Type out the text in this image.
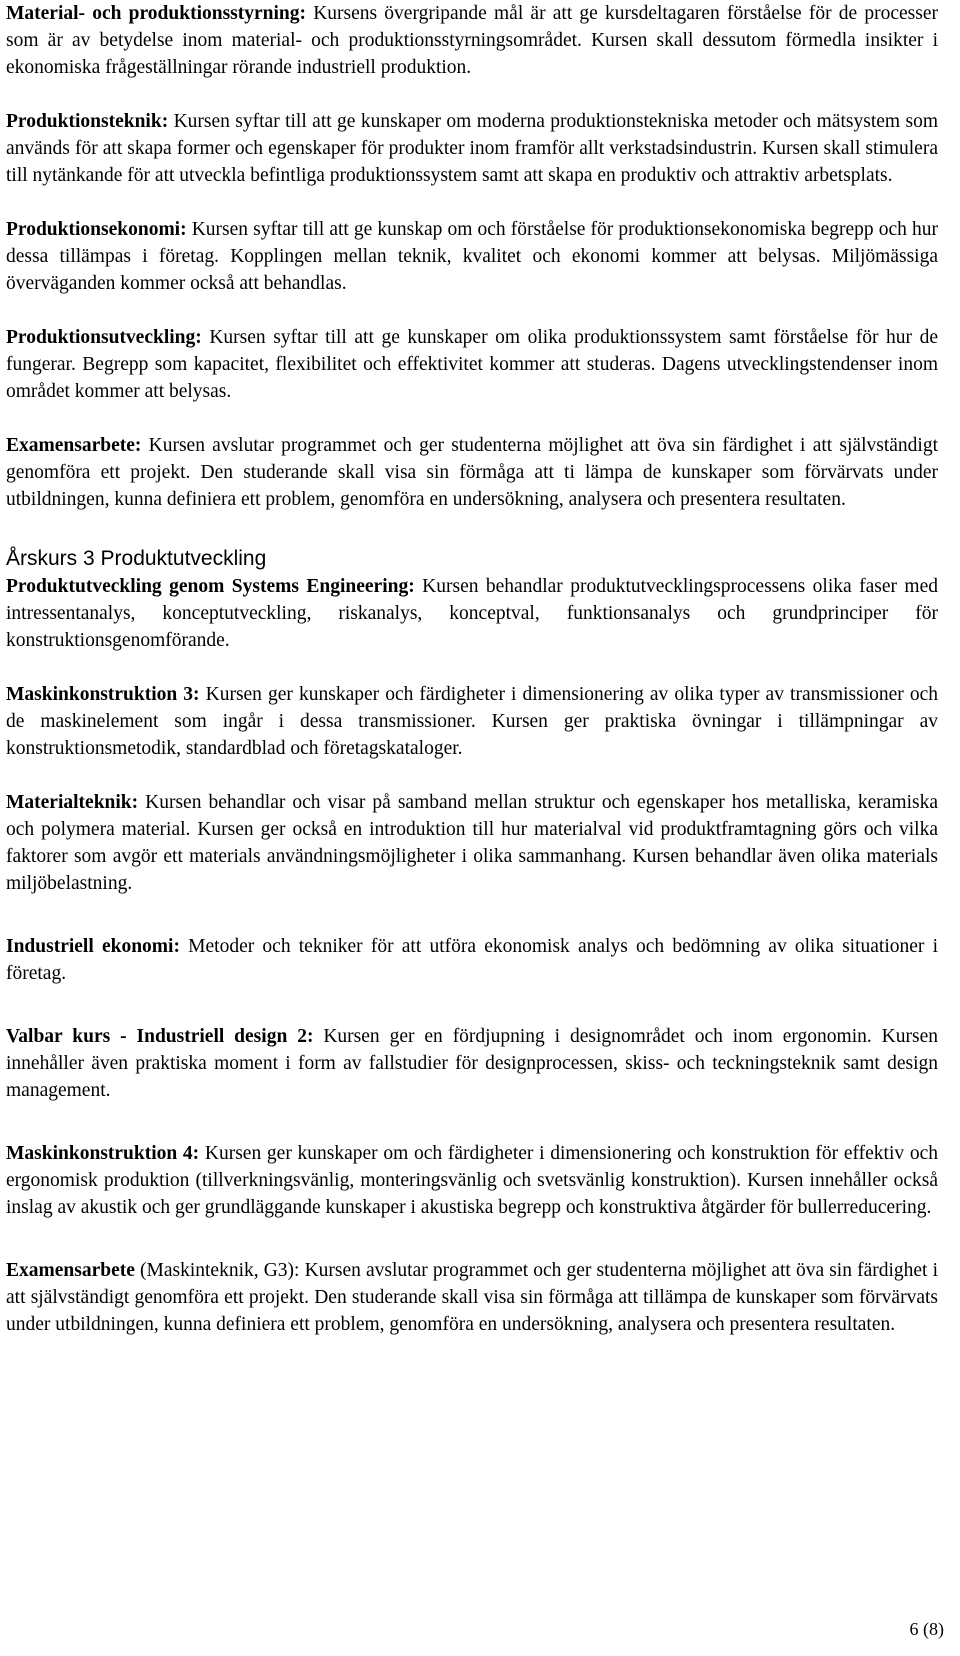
Material- och produktionsstyrning: Kursens övergripande mål är att ge kursdeltagaren förståelse för de processer som är av betydelse inom material- och produktionsstyrningsområdet. Kursen skall dessutom förmedla insikter i ekonomiska frågeställningar rörande industriell produktion.

Produktionsteknik: Kursen syftar till att ge kunskaper om moderna produktionstekniska metoder och mätsystem som används för att skapa former och egenskaper för produkter inom framför allt verkstadsindustrin. Kursen skall stimulera till nytänkande för att utveckla befintliga produktionssystem samt att skapa en produktiv och attraktiv arbetsplats.

Produktionsekonomi: Kursen syftar till att ge kunskap om och förståelse för produktionsekonomiska begrepp och hur dessa tillämpas i företag. Kopplingen mellan teknik, kvalitet och ekonomi kommer att belysas. Miljömässiga överväganden kommer också att behandlas.

Produktionsutveckling: Kursen syftar till att ge kunskaper om olika produktionssystem samt förståelse för hur de fungerar. Begrepp som kapacitet, flexibilitet och effektivitet kommer att studeras. Dagens utvecklingstendenser inom området kommer att belysas.

Examensarbete: Kursen avslutar programmet och ger studenterna möjlighet att öva sin färdighet i att självständigt genomföra ett projekt. Den studerande skall visa sin förmåga att ti lämpa de kunskaper som förvärvats under utbildningen, kunna definiera ett problem, genomföra en undersökning, analysera och presentera resultaten.

Årskurs 3 Produktutveckling

Produktutveckling genom Systems Engineering: Kursen behandlar produktutvecklingsprocessens olika faser med intressentanalys, konceptutveckling, riskanalys, konceptval, funktionsanalys och grundprinciper för konstruktionsgenomförande.

Maskinkonstruktion 3: Kursen ger kunskaper och färdigheter i dimensionering av olika typer av transmissioner och de maskinelement som ingår i dessa transmissioner. Kursen ger praktiska övningar i tillämpningar av konstruktionsmetodik, standardblad och företagskataloger.

Materialteknik: Kursen behandlar och visar på samband mellan struktur och egenskaper hos metalliska, keramiska och polymera material. Kursen ger också en introduktion till hur materialval vid produktframtagning görs och vilka faktorer som avgör ett materials användningsmöjligheter i olika sammanhang. Kursen behandlar även olika materials miljöbelastning.

Industriell ekonomi: Metoder och tekniker för att utföra ekonomisk analys och bedömning av olika situationer i företag.

Valbar kurs - Industriell design 2: Kursen ger en fördjupning i designområdet och inom ergonomin. Kursen innehåller även praktiska moment i form av fallstudier för designprocessen, skiss- och teckningsteknik samt design management.

Maskinkonstruktion 4: Kursen ger kunskaper om och färdigheter i dimensionering och konstruktion för effektiv och ergonomisk produktion (tillverkningsvänlig, monteringsvänlig och svetsvänlig konstruktion). Kursen innehåller också inslag av akustik och ger grundläggande kunskaper i akustiska begrepp och konstruktiva åtgärder för bullerreducering.

Examensarbete (Maskinteknik, G3): Kursen avslutar programmet och ger studenterna möjlighet att öva sin färdighet i att självständigt genomföra ett projekt. Den studerande skall visa sin förmåga att tillämpa de kunskaper som förvärvats under utbildningen, kunna definiera ett problem, genomföra en undersökning, analysera och presentera resultaten.

6 (8)
